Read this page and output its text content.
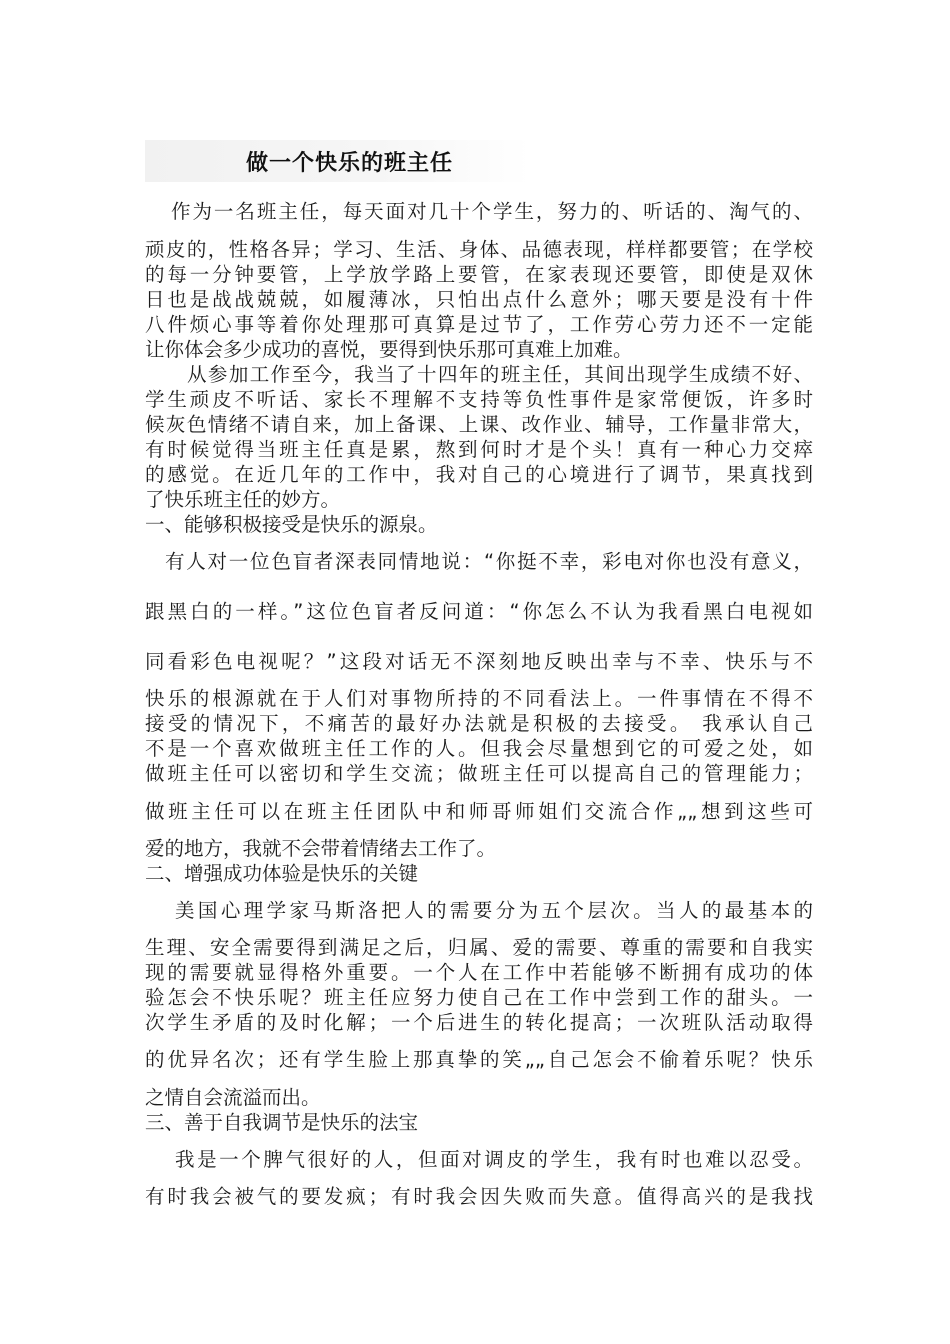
做一个快乐的班主任
作为一名班主任，每天面对几十个学生，努力的、听话的、淘气的、
顽皮的，性格各异；学习、生活、身体、品德表现，样样都要管；在学校
的每一分钟要管，上学放学路上要管，在家表现还要管，即使是双休
日也是战战兢兢，如履薄冰，只怕出点什么意外；哪天要是没有十件
八件烦心事等着你处理那可真算是过节了，工作劳心劳力还不一定能
让你体会多少成功的喜悦，要得到快乐那可真难上加难。
从参加工作至今，我当了十四年的班主任，其间出现学生成绩不好、
学生顽皮不听话、家长不理解不支持等负性事件是家常便饭，许多时
候灰色情绪不请自来，加上备课、上课、改作业、辅导，工作量非常大，
有时候觉得当班主任真是累，熬到何时才是个头！真有一种心力交瘁
的感觉。在近几年的工作中，我对自己的心境进行了调节，果真找到
了快乐班主任的妙方。
一、能够积极接受是快乐的源泉。
有人对一位色盲者深表同情地说：“你挺不幸，彩电对你也没有意义，
跟黑白的一样。”这位色盲者反问道：“你怎么不认为我看黑白电视如
同看彩色电视呢？”这段对话无不深刻地反映出幸与不幸、快乐与不
快乐的根源就在于人们对事物所持的不同看法上。一件事情在不得不
接受的情况下，不痛苦的最好办法就是积极的去接受。 我承认自己
不是一个喜欢做班主任工作的人。但我会尽量想到它的可爱之处，如
做班主任可以密切和学生交流；做班主任可以提高自己的管理能力；
做班主任可以在班主任团队中和师哥师姐们交流合作„„想到这些可
爱的地方，我就不会带着情绪去工作了。
二、增强成功体验是快乐的关键
美国心理学家马斯洛把人的需要分为五个层次。当人的最基本的
生理、安全需要得到满足之后，归属、爱的需要、尊重的需要和自我实
现的需要就显得格外重要。一个人在工作中若能够不断拥有成功的体
验怎会不快乐呢？班主任应努力使自己在工作中尝到工作的甜头。一
次学生矛盾的及时化解；一个后进生的转化提高；一次班队活动取得
的优异名次；还有学生脸上那真挚的笑„„自己怎会不偷着乐呢？快乐
之情自会流溢而出。
三、善于自我调节是快乐的法宝
我是一个脾气很好的人，但面对调皮的学生，我有时也难以忍受。
有时我会被气的要发疯；有时我会因失败而失意。值得高兴的是我找
